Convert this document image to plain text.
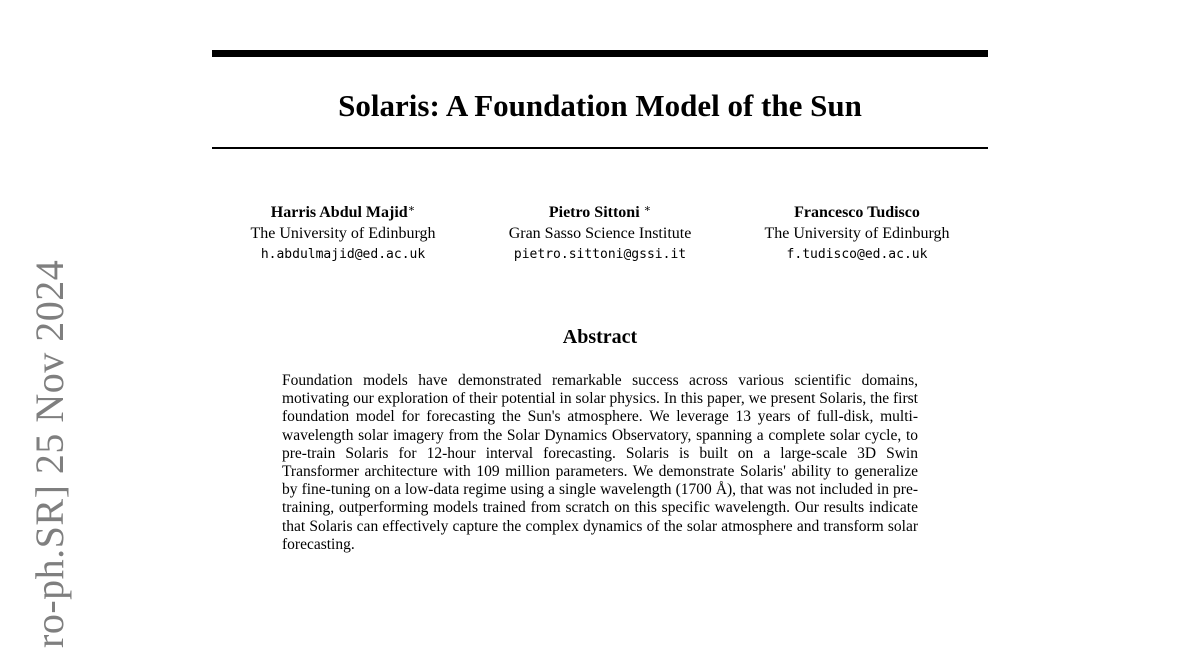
ro-ph.SR] 25 Nov 2024
Solaris: A Foundation Model of the Sun
Harris Abdul Majid∗
The University of Edinburgh
h.abdulmajid@ed.ac.uk
Pietro Sittoni ∗
Gran Sasso Science Institute
pietro.sittoni@gssi.it
Francesco Tudisco
The University of Edinburgh
f.tudisco@ed.ac.uk
Abstract

Foundation models have demonstrated remarkable success across various scientific domains, motivating our exploration of their potential in solar physics. In this paper, we present Solaris, the first foundation model for forecasting the Sun's atmosphere. We leverage 13 years of full-disk, multi-wavelength solar imagery from the Solar Dynamics Observatory, spanning a complete solar cycle, to pre-train Solaris for 12-hour interval forecasting. Solaris is built on a large-scale 3D Swin Transformer architecture with 109 million parameters. We demonstrate Solaris' ability to generalize by fine-tuning on a low-data regime using a single wavelength (1700 Å), that was not included in pre-training, outperforming models trained from scratch on this specific wavelength. Our results indicate that Solaris can effectively capture the complex dynamics of the solar atmosphere and transform solar forecasting.
